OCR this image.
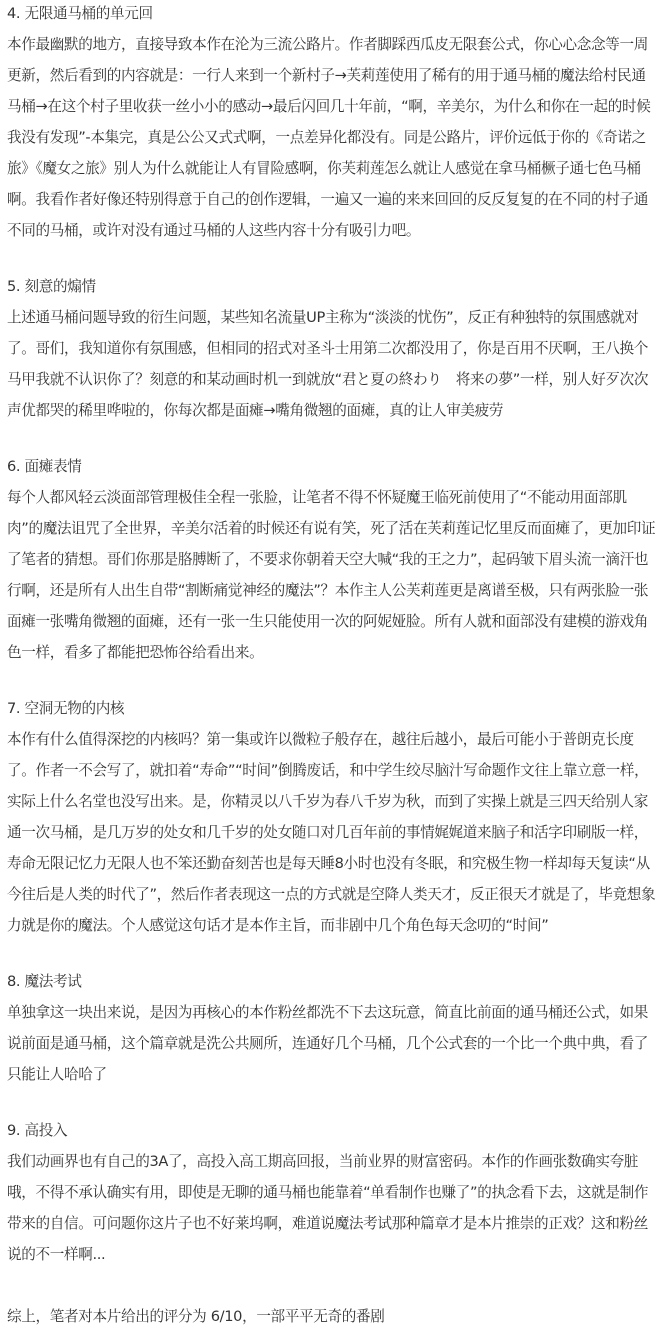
4. 无限通马桶的单元回

本作最幽默的地方，直接导致本作在沦为三流公路片。作者脚踩西瓜皮无限套公式，你心心念念等一周更新，然后看到的内容就是：一行人来到一个新村子→芙莉莲使用了稀有的用于通马桶的魔法给村民通马桶→在这个村子里收获一丝小小的感动→最后闪回几十年前，“啊，辛美尔，为什么和你在一起的时候我没有发现”-本集完，真是公公又式式啊，一点差异化都没有。同是公路片，评价远低于你的《奇诺之旅》《魔女之旅》别人为什么就能让人有冒险感啊，你芙莉莲怎么就让人感觉在拿马桶橛子通七色马桶啊。我看作者好像还特别得意于自己的创作逻辑，一遍又一遍的来来回回的反反复复的在不同的村子通不同的马桶，或许对没有通过马桶的人这些内容十分有吸引力吧。

5. 刻意的煽情

上述通马桶问题导致的衍生问题，某些知名流量UP主称为“淡淡的忧伤”，反正有种独特的氛围感就对了。哥们，我知道你有氛围感，但相同的招式对圣斗士用第二次都没用了，你是百用不厌啊，王八换个马甲我就不认识你了？刻意的和某动画时机一到就放“君と夏の終わり　将来の夢”一样，别人好歹次次声优都哭的稀里哗啦的，你每次都是面瘫→嘴角微翘的面瘫，真的让人审美疲劳

6. 面瘫表情

每个人都风轻云淡面部管理极佳全程一张脸，让笔者不得不怀疑魔王临死前使用了“不能动用面部肌肉”的魔法诅咒了全世界，辛美尔活着的时候还有说有笑，死了活在芙莉莲记忆里反而面瘫了，更加印证了笔者的猜想。哥们你那是胳膊断了，不要求你朝着天空大喊“我的王之力”，起码皱下眉头流一滴汗也行啊，还是所有人出生自带“割断痛觉神经的魔法”？本作主人公芙莉莲更是离谱至极，只有两张脸一张面瘫一张嘴角微翘的面瘫，还有一张一生只能使用一次的阿妮娅脸。所有人就和面部没有建模的游戏角色一样，看多了都能把恐怖谷给看出来。

7. 空洞无物的内核

本作有什么值得深挖的内核吗？第一集或许以微粒子般存在，越往后越小，最后可能小于普朗克长度了。作者一不会写了，就扣着“寿命”“时间”倒腾废话，和中学生绞尽脑汁写命题作文往上靠立意一样，实际上什么名堂也没写出来。是，你精灵以八千岁为春八千岁为秋，而到了实操上就是三四天给别人家通一次马桶，是几万岁的处女和几千岁的处女随口对几百年前的事情娓娓道来脑子和活字印刷版一样，寿命无限记忆力无限人也不笨还勤奋刻苦也是每天睡8小时也没有冬眠，和究极生物一样却每天复读“从今往后是人类的时代了”，然后作者表现这一点的方式就是空降人类天才，反正很天才就是了，毕竟想象力就是你的魔法。个人感觉这句话才是本作主旨，而非剧中几个角色每天念叨的“时间”

8. 魔法考试

单独拿这一块出来说，是因为再核心的本作粉丝都洗不下去这玩意，简直比前面的通马桶还公式，如果说前面是通马桶，这个篇章就是洗公共厕所，连通好几个马桶，几个公式套的一个比一个典中典，看了只能让人哈哈了

9. 高投入

我们动画界也有自己的3A了，高投入高工期高回报，当前业界的财富密码。本作的作画张数确实夸脏哦，不得不承认确实有用，即使是无聊的通马桶也能靠着“单看制作也赚了”的执念看下去，这就是制作带来的自信。可问题你这片子也不好莱坞啊，难道说魔法考试那种篇章才是本片推崇的正戏？这和粉丝说的不一样啊...

综上，笔者对本片给出的评分为 6/10，一部平平无奇的番剧
